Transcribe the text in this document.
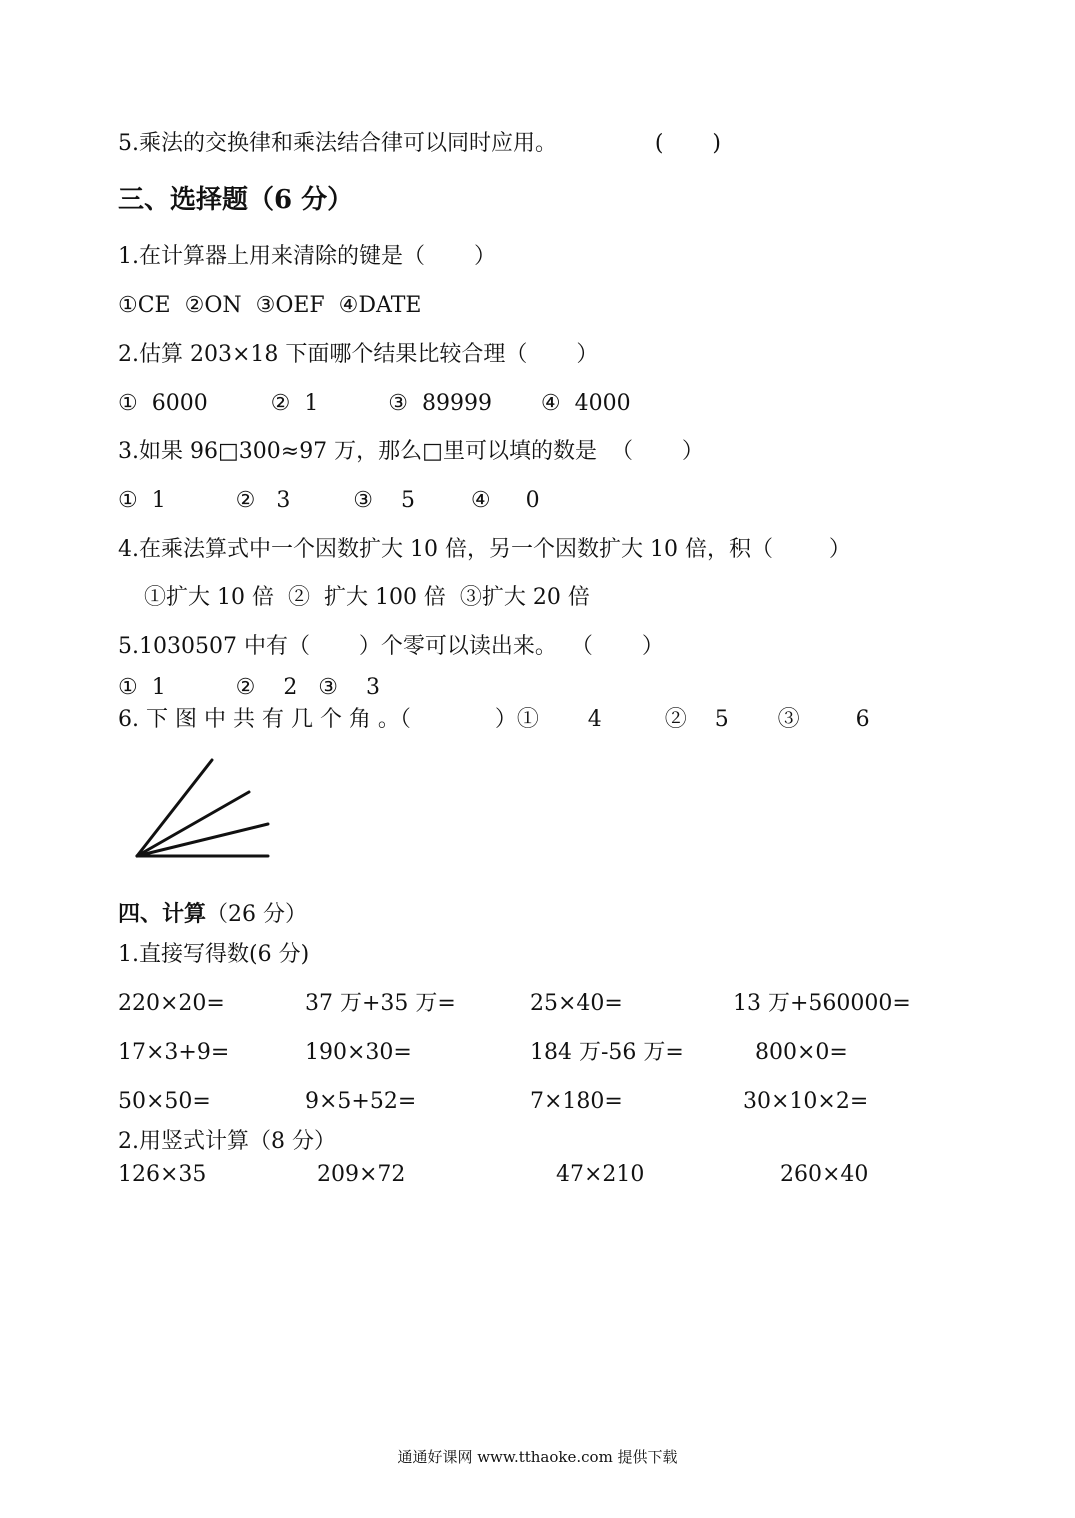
5.乘法的交换律和乘法结合律可以同时应用。              (       )
三、选择题（6 分）
1.在计算器上用来清除的键是（       ）
①CE  ②ON  ③OEF  ④DATE
2.估算 203×18 下面哪个结果比较合理（       ）
①  6000         ②  1          ③  89999       ④  4000
3.如果 96□300≈97 万，那么□里可以填的数是  （       ）
①  1          ②   3         ③    5        ④     0
4.在乘法算式中一个因数扩大 10 倍，另一个因数扩大 10 倍，积（        ）
①扩大 10 倍  ②  扩大 100 倍  ③扩大 20 倍
5.1030507 中有（       ）个零可以读出来。  （       ）
①  1          ②    2   ③    3
6. 下 图 中 共 有 几 个 角 。（            ）①       4         ②    5       ③        6
四、计算（26 分）
1.直接写得数(6 分)
220×20=	37 万+35 万=	25×40=	13 万+560000=
17×3+9=	190×30=	184 万-56 万=	800×0=
50×50=	9×5+52=	7×180=	30×10×2=
2.用竖式计算（8 分）
126×35	209×72	47×210	260×40
通通好课网 www.tthaoke.com 提供下载
